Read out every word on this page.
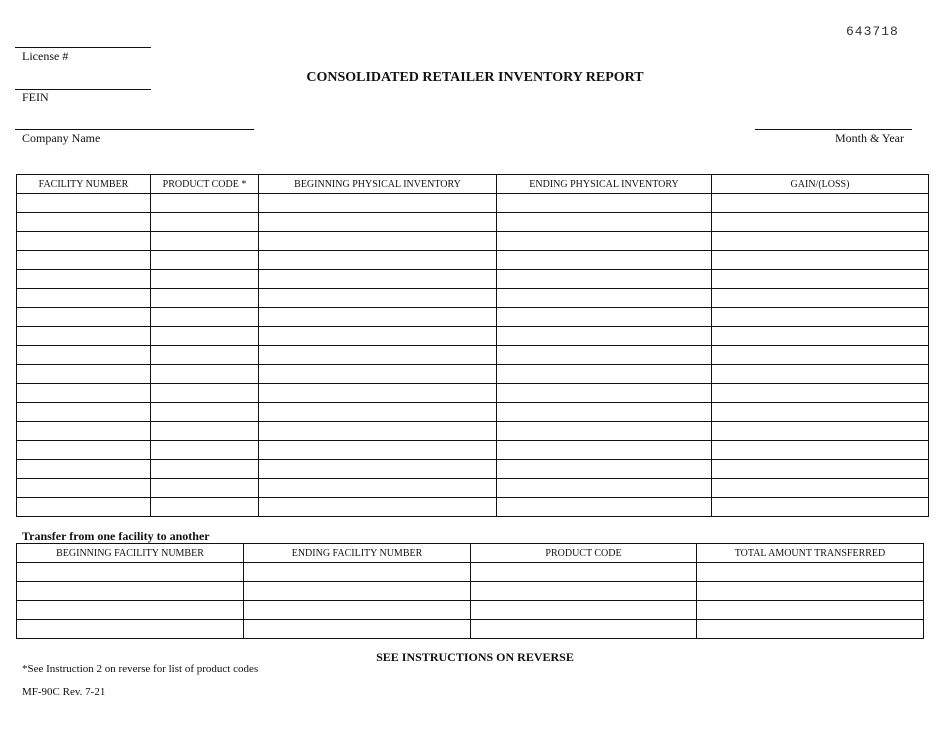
643718
License #
FEIN
CONSOLIDATED RETAILER INVENTORY REPORT
Company Name	Month & Year
FACILITY NUMBER	PRODUCT CODE *	BEGINNING PHYSICAL INVENTORY	ENDING PHYSICAL INVENTORY	GAIN/(LOSS)

Transfer from one facility to another
BEGINNING FACILITY NUMBER	ENDING FACILITY NUMBER	PRODUCT CODE	TOTAL AMOUNT TRANSFERRED

SEE INSTRUCTIONS ON REVERSE
*See Instruction 2 on reverse for list of product codes
MF-90C Rev. 7-21
